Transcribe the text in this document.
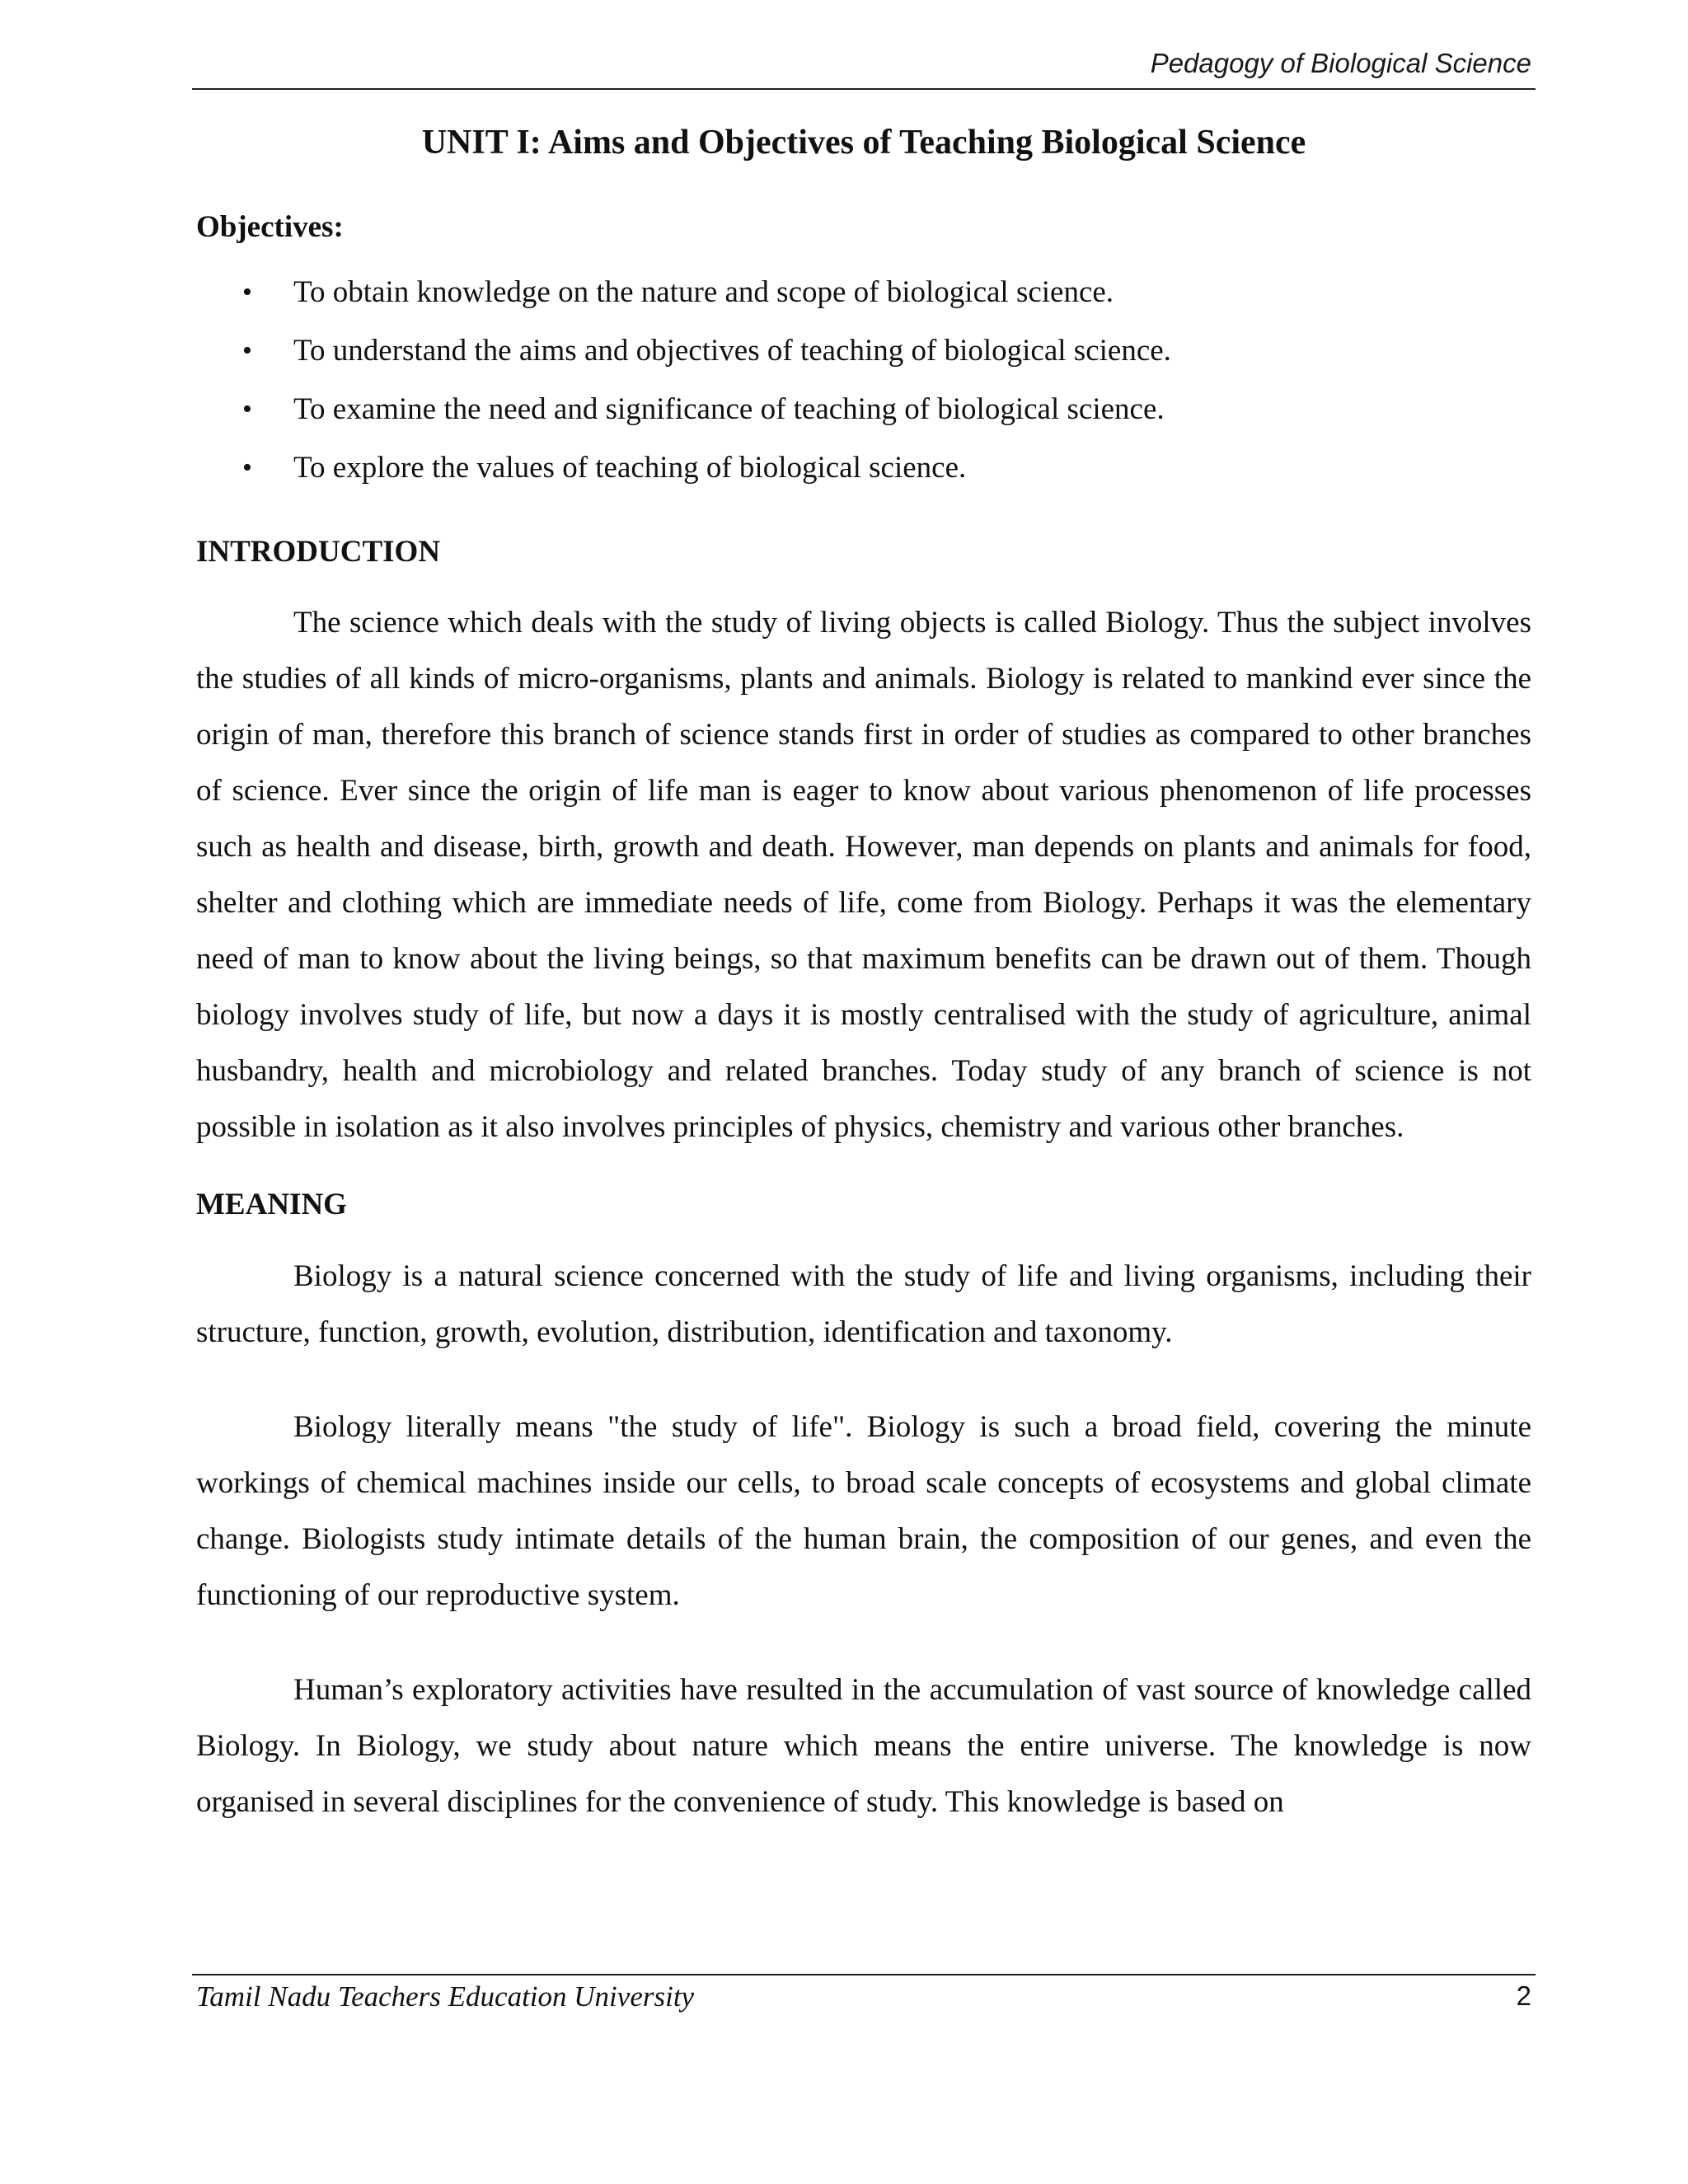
Pedagogy of Biological Science
UNIT I: Aims and Objectives of Teaching Biological Science
Objectives:
• To obtain knowledge on the nature and scope of biological science.
• To understand the aims and objectives of teaching of biological science.
• To examine the need and significance of teaching of biological science.
• To explore the values of teaching of biological science.
INTRODUCTION

The science which deals with the study of living objects is called Biology. Thus the subject involves the studies of all kinds of micro-organisms, plants and animals. Biology is related to mankind ever since the origin of man, therefore this branch of science stands first in order of studies as compared to other branches of science. Ever since the origin of life man is eager to know about various phenomenon of life processes such as health and disease, birth, growth and death. However, man depends on plants and animals for food, shelter and clothing which are immediate needs of life, come from Biology. Perhaps it was the elementary need of man to know about the living beings, so that maximum benefits can be drawn out of them. Though biology involves study of life, but now a days it is mostly centralised with the study of agriculture, animal husbandry, health and microbiology and related branches. Today study of any branch of science is not possible in isolation as it also involves principles of physics, chemistry and various other branches.

MEANING

Biology is a natural science concerned with the study of life and living organisms, including their structure, function, growth, evolution, distribution, identification and taxonomy.

Biology literally means "the study of life". Biology is such a broad field, covering the minute workings of chemical machines inside our cells, to broad scale concepts of ecosystems and global climate change. Biologists study intimate details of the human brain, the composition of our genes, and even the functioning of our reproductive system.

Human’s exploratory activities have resulted in the accumulation of vast source of knowledge called Biology. In Biology, we study about nature which means the entire universe. The knowledge is now organised in several disciplines for the convenience of study. This knowledge is based on

Tamil Nadu Teachers Education University	2
